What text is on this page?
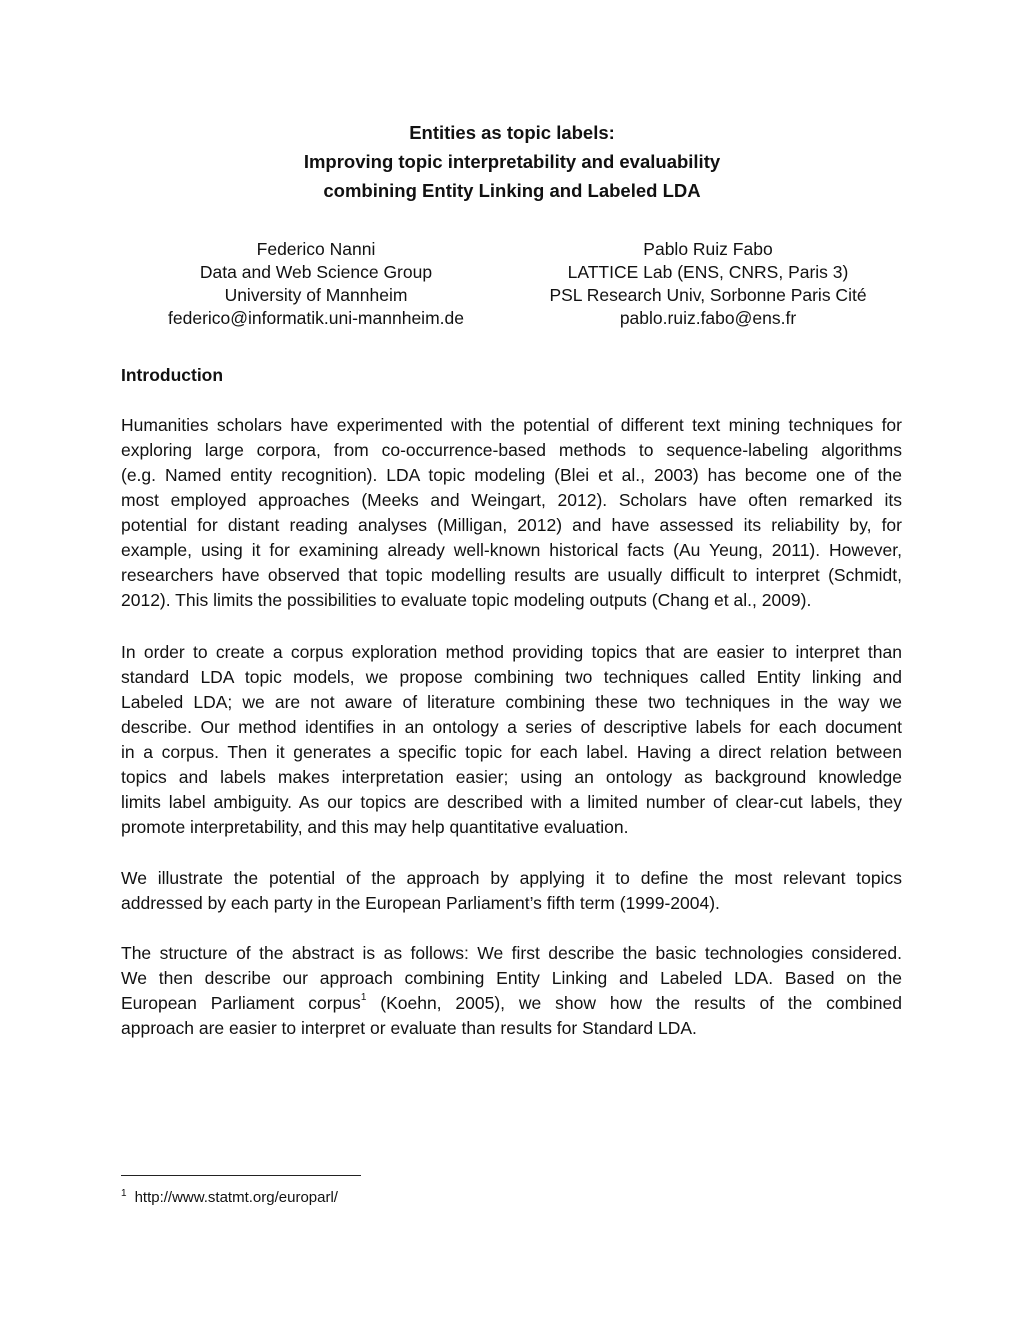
Entities as topic labels:
Improving topic interpretability and evaluability
combining Entity Linking and Labeled LDA
Federico Nanni
Data and Web Science Group
University of Mannheim
federico@informatik.uni-mannheim.de
Pablo Ruiz Fabo
LATTICE Lab (ENS, CNRS, Paris 3)
PSL Research Univ, Sorbonne Paris Cité
pablo.ruiz.fabo@ens.fr
Introduction
Humanities scholars have experimented with the potential of different text mining techniques for
exploring large corpora, from co-occurrence-based methods to sequence-labeling algorithms
(e.g. Named entity recognition). LDA topic modeling (Blei et al., 2003) has become one of the
most employed approaches (Meeks and Weingart, 2012). Scholars have often remarked its
potential for distant reading analyses (Milligan, 2012) and have assessed its reliability by, for
example, using it for examining already well-known historical facts (Au Yeung, 2011). However,
researchers have observed that topic modelling results are usually difficult to interpret (Schmidt,
2012). This limits the possibilities to evaluate topic modeling outputs (Chang et al., 2009).
In order to create a corpus exploration method providing topics that are easier to interpret than
standard LDA topic models, we propose combining two techniques called Entity linking and
Labeled LDA; we are not aware of literature combining these two techniques in the way we
describe. Our method identifies in an ontology a series of descriptive labels for each document
in a corpus. Then it generates a specific topic for each label. Having a direct relation between
topics and labels makes interpretation easier; using an ontology as background knowledge
limits label ambiguity. As our topics are described with a limited number of clear-cut labels, they
promote interpretability, and this may help quantitative evaluation.
We illustrate the potential of the approach by applying it to define the most relevant topics
addressed by each party in the European Parliament’s fifth term (1999-2004).
The structure of the abstract is as follows: We first describe the basic technologies considered.
We then describe our approach combining Entity Linking and Labeled LDA. Based on the
European Parliament corpus$^1$ (Koehn, 2005), we show how the results of the combined
approach are easier to interpret or evaluate than results for Standard LDA.
$^1$ http://www.statmt.org/europarl/
